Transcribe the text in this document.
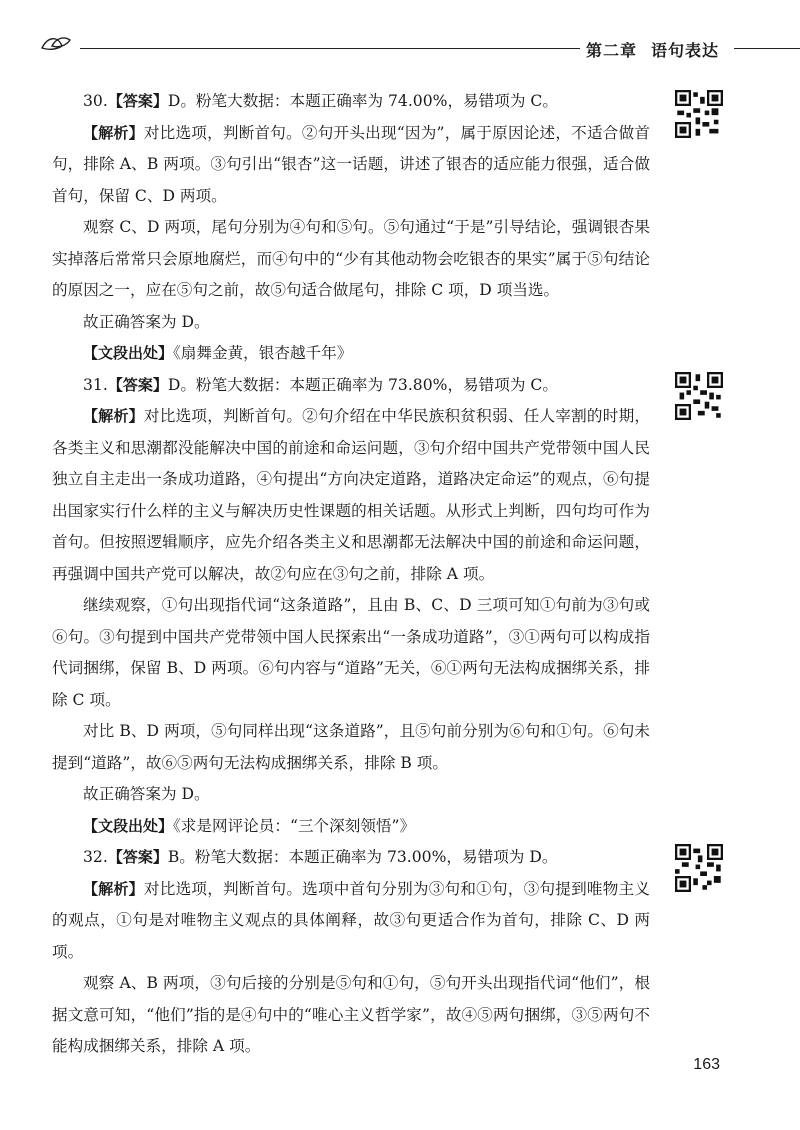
第二章 语句表达

30.【答案】D。粉笔大数据：本题正确率为 74.00%，易错项为 C。

【解析】对比选项，判断首句。②句开头出现“因为”，属于原因论述，不适合做首句，排除 A、B 两项。③句引出“银杏”这一话题，讲述了银杏的适应能力很强，适合做首句，保留 C、D 两项。

观察 C、D 两项，尾句分别为④句和⑤句。⑤句通过“于是”引导结论，强调银杏果实掉落后常常只会原地腐烂，而④句中的“少有其他动物会吃银杏的果实”属于⑤句结论的原因之一，应在⑤句之前，故⑤句适合做尾句，排除 C 项，D 项当选。

故正确答案为 D。

【文段出处】《扇舞金黄，银杏越千年》

31.【答案】D。粉笔大数据：本题正确率为 73.80%，易错项为 C。

【解析】对比选项，判断首句。②句介绍在中华民族积贫积弱、任人宰割的时期，各类主义和思潮都没能解决中国的前途和命运问题，③句介绍中国共产党带领中国人民独立自主走出一条成功道路，④句提出“方向决定道路，道路决定命运”的观点，⑥句提出国家实行什么样的主义与解决历史性课题的相关话题。从形式上判断，四句均可作为首句。但按照逻辑顺序，应先介绍各类主义和思潮都无法解决中国的前途和命运问题，再强调中国共产党可以解决，故②句应在③句之前，排除 A 项。

继续观察，①句出现指代词“这条道路”，且由 B、C、D 三项可知①句前为③句或⑥句。③句提到中国共产党带领中国人民探索出“一条成功道路”，③①两句可以构成指代词捆绑，保留 B、D 两项。⑥句内容与“道路”无关，⑥①两句无法构成捆绑关系，排除 C 项。

对比 B、D 两项，⑤句同样出现“这条道路”，且⑤句前分别为⑥句和①句。⑥句未提到“道路”，故⑥⑤两句无法构成捆绑关系，排除 B 项。

故正确答案为 D。

【文段出处】《求是网评论员：“三个深刻领悟”》

32.【答案】B。粉笔大数据：本题正确率为 73.00%，易错项为 D。

【解析】对比选项，判断首句。选项中首句分别为③句和①句，③句提到唯物主义的观点，①句是对唯物主义观点的具体阐释，故③句更适合作为首句，排除 C、D 两项。

观察 A、B 两项，③句后接的分别是⑤句和①句，⑤句开头出现指代词“他们”，根据文意可知，“他们”指的是④句中的“唯心主义哲学家”，故④⑤两句捆绑，③⑤两句不能构成捆绑关系，排除 A 项。

163
